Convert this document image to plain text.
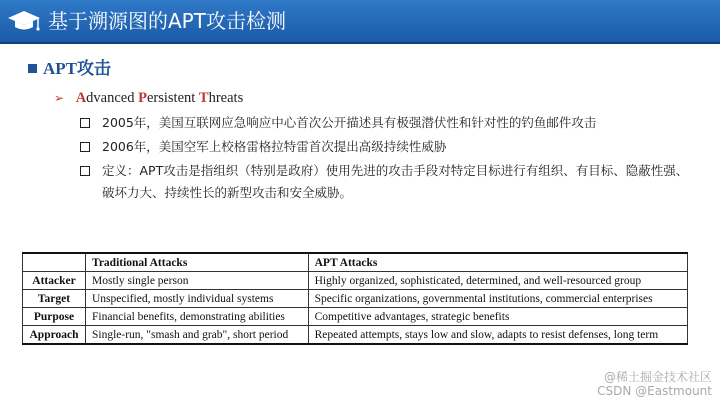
基于溯源图的APT攻击检测
APT攻击
➢ Advanced Persistent Threats
2005年，美国互联网应急响应中心首次公开描述具有极强潜伏性和针对性的钓鱼邮件攻击
2006年，美国空军上校格雷格拉特雷首次提出高级持续性威胁
定义：APT攻击是指组织（特别是政府）使用先进的攻击手段对特定目标进行有组织、有目标、隐蔽性强、破坏力大、持续性长的新型攻击和安全威胁。
	Traditional Attacks	APT Attacks
Attacker	Mostly single person	Highly organized, sophisticated, determined, and well-resourced group
Target	Unspecified, mostly individual systems	Specific organizations, governmental institutions, commercial enterprises
Purpose	Financial benefits, demonstrating abilities	Competitive advantages, strategic benefits
Approach	Single-run, "smash and grab", short period	Repeated attempts, stays low and slow, adapts to resist defenses, long term
@稀土掘金技术社区
CSDN @Eastmount
